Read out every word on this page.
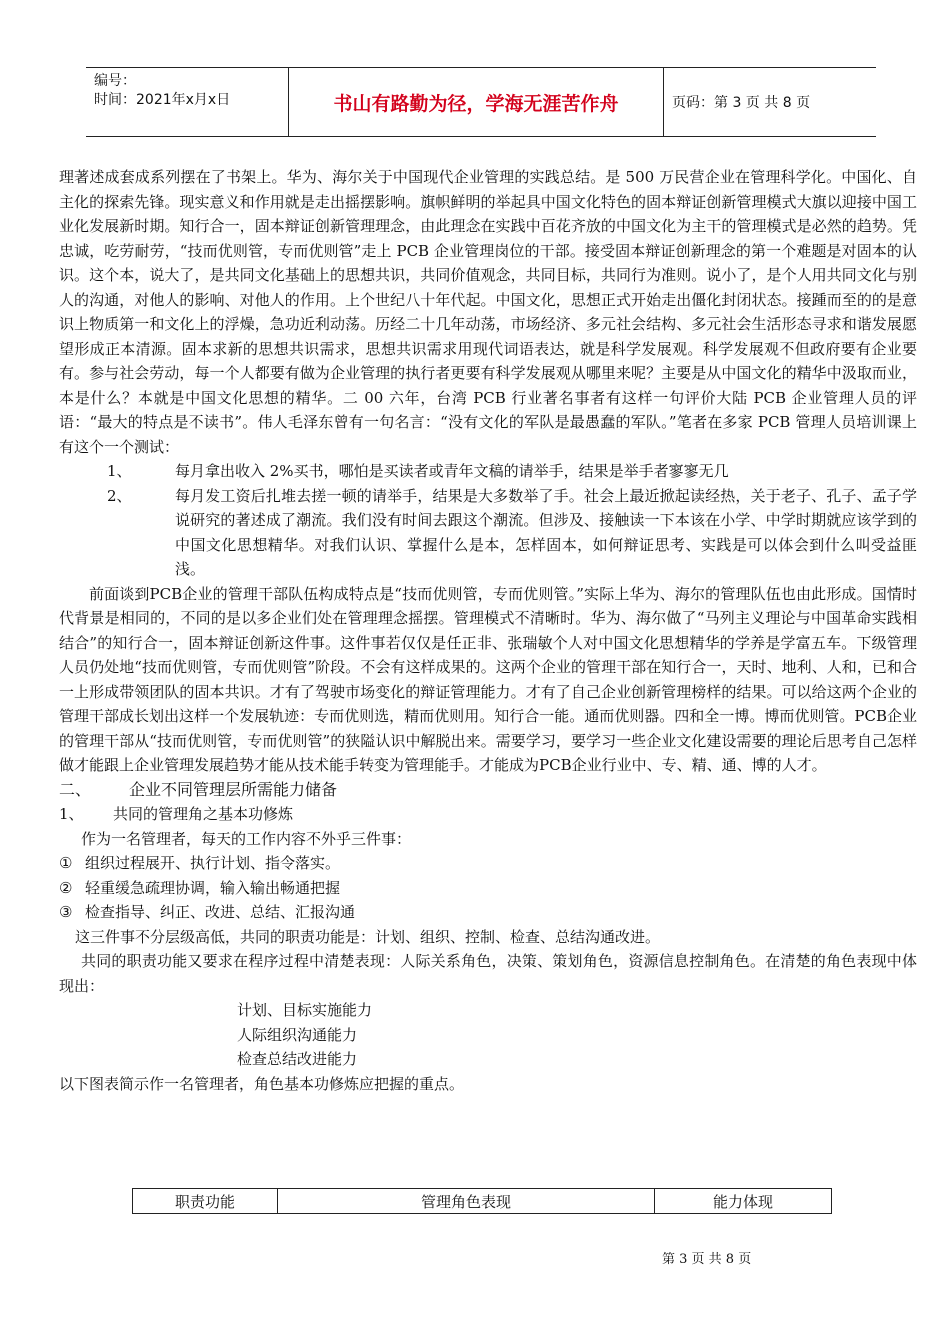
编号：
时间：2021年x月x日	书山有路勤为径，学海无涯苦作舟	页码：第 3 页 共 8 页

理著述成套成系列摆在了书架上。华为、海尔关于中国现代企业管理的实践总结。是 500 万民营企业在管理科学化。中国化、自主化的探索先锋。现实意义和作用就是走出摇摆影响。旗帜鲜明的举起具中国文化特色的固本辩证创新管理模式大旗以迎接中国工业化发展新时期。知行合一，固本辩证创新管理理念，由此理念在实践中百花齐放的中国文化为主干的管理模式是必然的趋势。凭忠诚，吃劳耐劳，“技而优则管，专而优则管”走上 PCB 企业管理岗位的干部。接受固本辩证创新理念的第一个难题是对固本的认识。这个本，说大了，是共同文化基础上的思想共识，共同价值观念，共同目标，共同行为准则。说小了，是个人用共同文化与别人的沟通，对他人的影响、对他人的作用。上个世纪八十年代起。中国文化，思想正式开始走出僵化封闭状态。接踵而至的的是意识上物质第一和文化上的浮燥，急功近利动荡。历经二十几年动荡，市场经济、多元社会结构、多元社会生活形态寻求和谐发展愿望形成正本清源。固本求新的思想共识需求，思想共识需求用现代词语表达，就是科学发展观。科学发展观不但政府要有企业要有。参与社会劳动，每一个人都要有做为企业管理的执行者更要有科学发展观从哪里来呢？主要是从中国文化的精华中汲取而业，本是什么？本就是中国文化思想的精华。二 00 六年，台湾 PCB 行业著名事者有这样一句评价大陆 PCB 企业管理人员的评语：“最大的特点是不读书”。伟人毛泽东曾有一句名言：“没有文化的军队是最愚蠢的军队。”笔者在多家 PCB 管理人员培训课上有这个一个测试：

1、	每月拿出收入 2%买书，哪怕是买读者或青年文稿的请举手，结果是举手者寥寥无几

2、	每月发工资后扎堆去搓一顿的请举手，结果是大多数举了手。社会上最近掀起读经热，关于老子、孔子、孟子学说研究的著述成了潮流。我们没有时间去跟这个潮流。但涉及、接触读一下本该在小学、中学时期就应该学到的中国文化思想精华。对我们认识、掌握什么是本，怎样固本，如何辩证思考、实践是可以体会到什么叫受益匪浅。

前面谈到PCB企业的管理干部队伍构成特点是“技而优则管，专而优则管。”实际上华为、海尔的管理队伍也由此形成。国情时代背景是相同的，不同的是以多企业们处在管理理念摇摆。管理模式不清晰时。华为、海尔做了“马列主义理论与中国革命实践相结合”的知行合一，固本辩证创新这件事。这件事若仅仅是任正非、张瑞敏个人对中国文化思想精华的学养是学富五车。下级管理人员仍处地“技而优则管，专而优则管”阶段。不会有这样成果的。这两个企业的管理干部在知行合一，天时、地利、人和，已和合一上形成带领团队的固本共识。才有了驾驶市场变化的辩证管理能力。才有了自己企业创新管理榜样的结果。可以给这两个企业的管理干部成长划出这样一个发展轨迹：专而优则选，精而优则用。知行合一能。通而优则器。四和全一博。博而优则管。PCB企业的管理干部从“技而优则管，专而优则管”的狭隘认识中解脱出来。需要学习，要学习一些企业文化建设需要的理论后思考自己怎样做才能跟上企业管理发展趋势才能从技术能手转变为管理能手。才能成为PCB企业行业中、专、精、通、博的人才。

二、 企业不同管理层所需能力储备

1、 共同的管理角之基本功修炼

作为一名管理者，每天的工作内容不外乎三件事：

① 组织过程展开、执行计划、指令落实。

② 轻重缓急疏理协调，输入输出畅通把握

③ 检查指导、纠正、改进、总结、汇报沟通

这三件事不分层级高低，共同的职责功能是：计划、组织、控制、检查、总结沟通改进。

共同的职责功能又要求在程序过程中清楚表现：人际关系角色，决策、策划角色，资源信息控制角色。在清楚的角色表现中体现出：

计划、目标实施能力

人际组织沟通能力

检查总结改进能力

以下图表简示作一名管理者，角色基本功修炼应把握的重点。

职责功能	管理角色表现	能力体现
第 3 页 共 8 页
